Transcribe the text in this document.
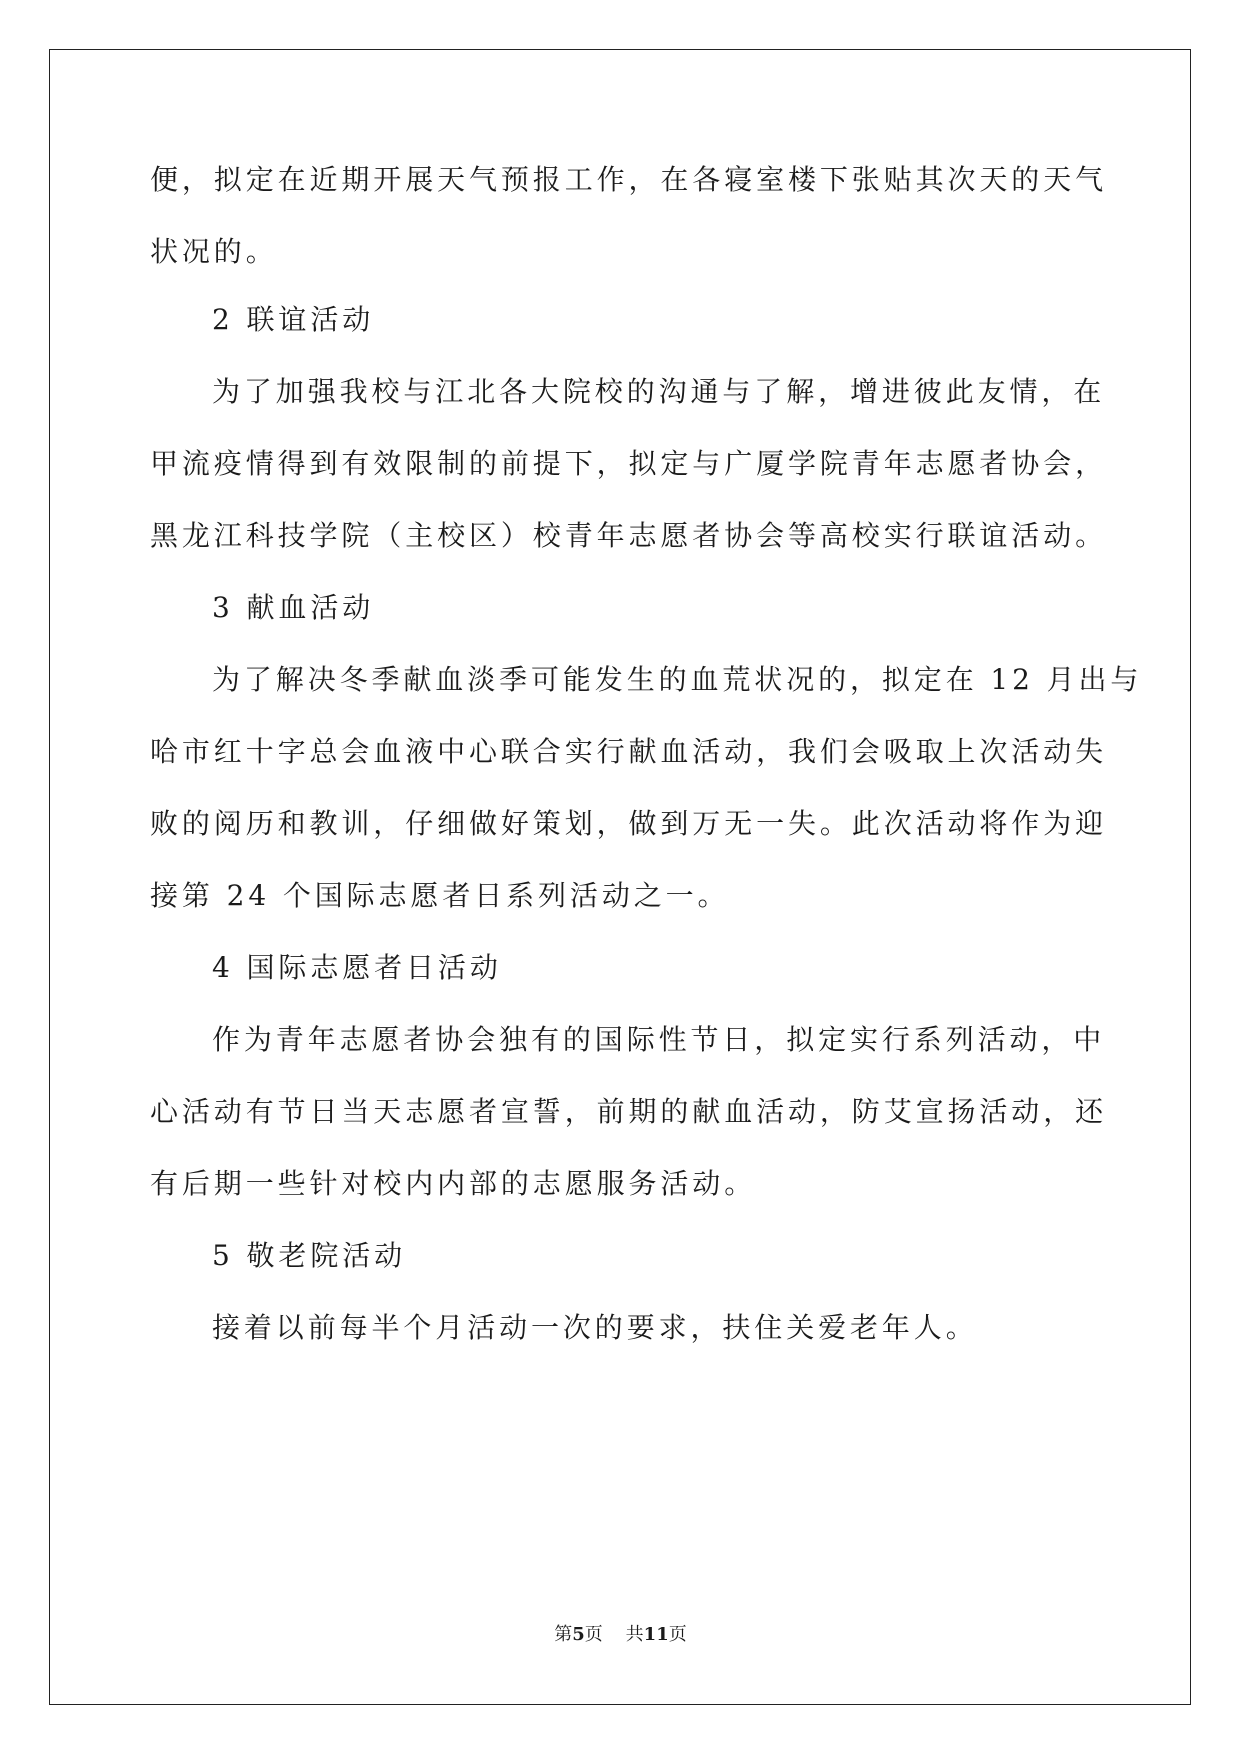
便，拟定在近期开展天气预报工作，在各寝室楼下张贴其次天的天气
状况的。
2 联谊活动
为了加强我校与江北各大院校的沟通与了解，增进彼此友情，在
甲流疫情得到有效限制的前提下，拟定与广厦学院青年志愿者协会，
黑龙江科技学院（主校区）校青年志愿者协会等高校实行联谊活动。
3 献血活动
为了解决冬季献血淡季可能发生的血荒状况的，拟定在 12 月出与
哈市红十字总会血液中心联合实行献血活动，我们会吸取上次活动失
败的阅历和教训，仔细做好策划，做到万无一失。此次活动将作为迎
接第 24 个国际志愿者日系列活动之一。
4 国际志愿者日活动
作为青年志愿者协会独有的国际性节日，拟定实行系列活动，中
心活动有节日当天志愿者宣誓，前期的献血活动，防艾宣扬活动，还
有后期一些针对校内内部的志愿服务活动。
5 敬老院活动
接着以前每半个月活动一次的要求，扶住关爱老年人。
第5页 共11页
